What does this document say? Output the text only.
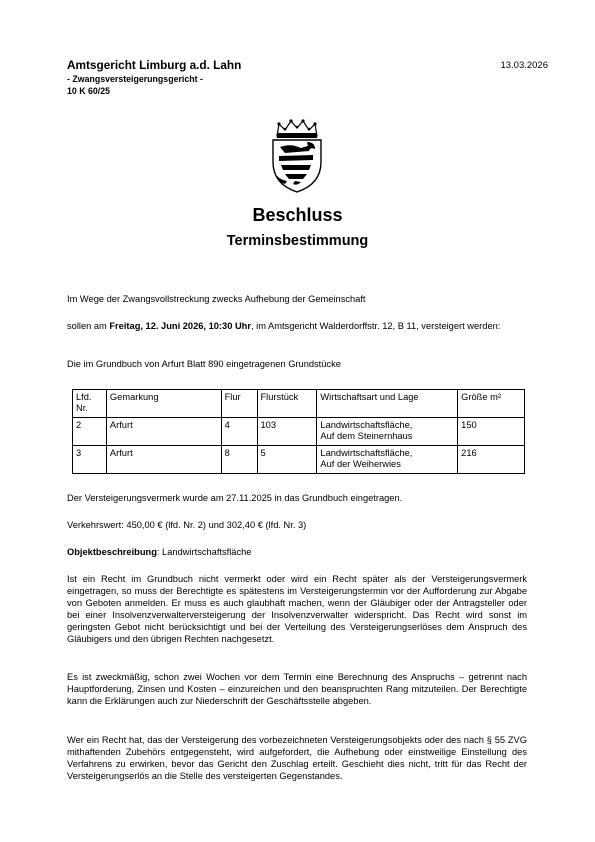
Amtsgericht Limburg a.d. Lahn
- Zwangsversteigerungsgericht -
10 K 60/25
13.03.2026
Beschluss
Terminsbestimmung
Im Wege der Zwangsvollstreckung zwecks Aufhebung der Gemeinschaft
sollen am Freitag, 12. Juni 2026, 10:30 Uhr, im Amtsgericht Walderdorffstr. 12, B 11, versteigert werden:
Die im Grundbuch von Arfurt Blatt 890 eingetragenen Grundstücke
Lfd. Nr.	Gemarkung	Flur	Flurstück	Wirtschaftsart und Lage	Größe m²
2	Arfurt	4	103	Landwirtschaftsfläche,
Auf dem Steinernhaus	150
3	Arfurt	8	5	Landwirtschaftsfläche,
Auf der Weiherwies	216
Der Versteigerungsvermerk wurde am 27.11.2025 in das Grundbuch eingetragen.
Verkehrswert: 450,00 € (lfd. Nr. 2) und 302,40 € (lfd. Nr. 3)
Objektbeschreibung: Landwirtschaftsfläche
Ist ein Recht im Grundbuch nicht vermerkt oder wird ein Recht später als der Versteigerungsvermerk eingetragen, so muss der Berechtigte es spätestens im Versteigerungstermin vor der Aufforderung zur Abgabe von Geboten anmelden. Er muss es auch glaubhaft machen, wenn der Gläubiger oder der Antragsteller oder bei einer Insolvenzverwalterversteigerung der Insolvenzverwalter widerspricht. Das Recht wird sonst im geringsten Gebot nicht berücksichtigt und bei der Verteilung des Versteigerungserlöses dem Anspruch des Gläubigers und den übrigen Rechten nachgesetzt.
Es ist zweckmäßig, schon zwei Wochen vor dem Termin eine Berechnung des Anspruchs – getrennt nach Hauptforderung, Zinsen und Kosten – einzureichen und den beanspruchten Rang mitzuteilen. Der Berechtigte kann die Erklärungen auch zur Niederschrift der Geschäftsstelle abgeben.
Wer ein Recht hat, das der Versteigerung des vorbezeichneten Versteigerungsobjekts oder des nach § 55 ZVG mithaftenden Zubehörs entgegensteht, wird aufgefordert, die Aufhebung oder einstweilige Einstellung des Verfahrens zu erwirken, bevor das Gericht den Zuschlag erteilt. Geschieht dies nicht, tritt für das Recht der Versteigerungserlös an die Stelle des versteigerten Gegenstandes.
